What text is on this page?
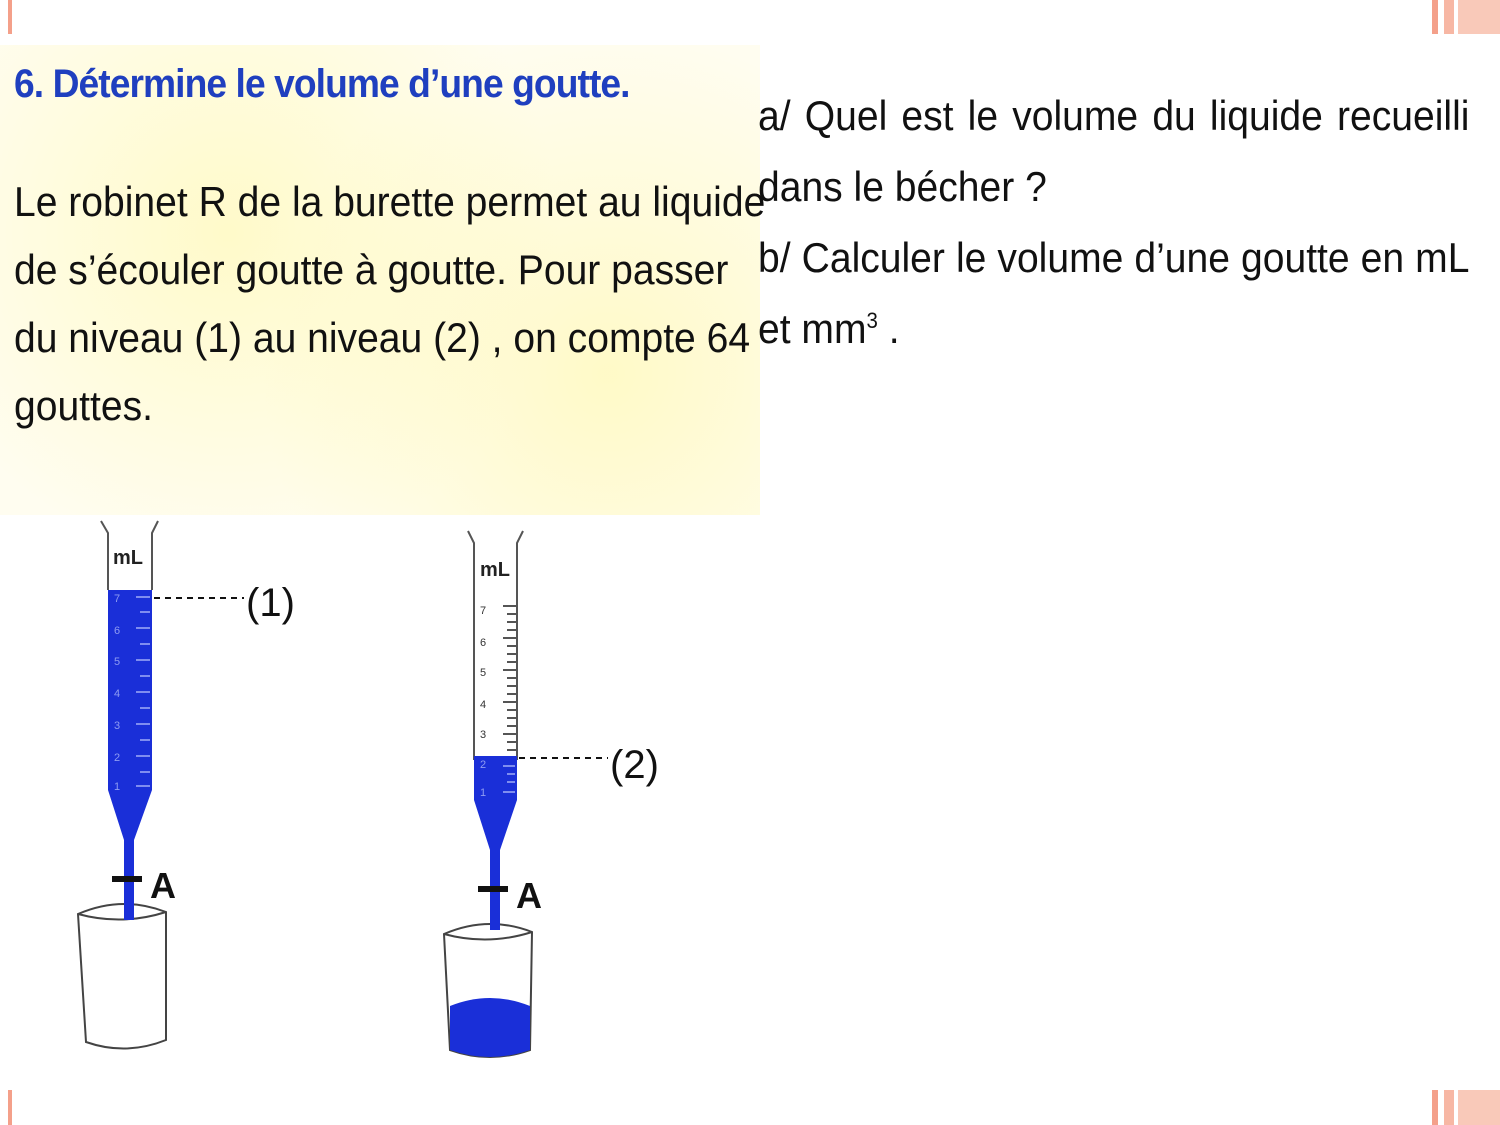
6. Détermine le volume d’une goutte.
Le robinet R de la burette permet au liquide
de s’écouler goutte à goutte. Pour passer
du niveau (1) au niveau (2) , on compte 64
gouttes.
a/ Quel est le volume du liquide recueilli
dans le bécher ?
b/ Calculer le volume d’une goutte en mL
et $mm^3$ .
7
6
5
4
3
2
1
mL
A
(1)	7
6
5
4
3
2
1
mL
A
(2)
